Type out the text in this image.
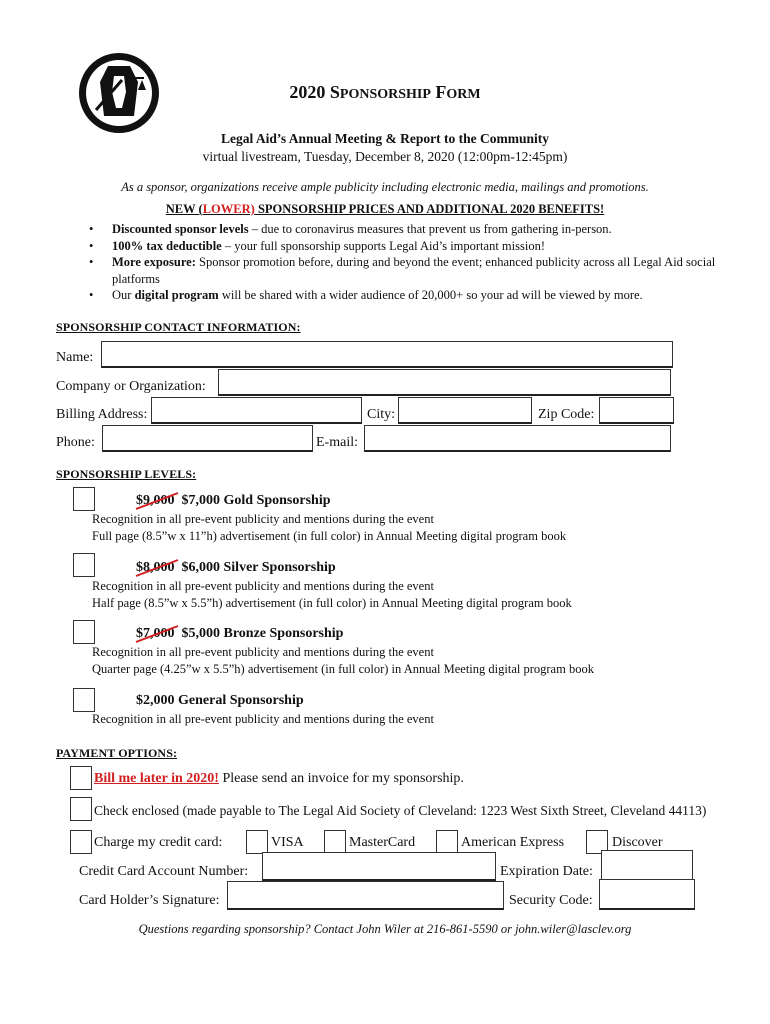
2020 SPONSORSHIP FORM
Legal Aid’s Annual Meeting & Report to the Community
virtual livestream, Tuesday, December 8, 2020 (12:00pm-12:45pm)
As a sponsor, organizations receive ample publicity including electronic media, mailings and promotions.
NEW (LOWER) SPONSORSHIP PRICES AND ADDITIONAL 2020 BENEFITS!
• Discounted sponsor levels – due to coronavirus measures that prevent us from gathering in-person.
• 100% tax deductible – your full sponsorship supports Legal Aid’s important mission!
• More exposure: Sponsor promotion before, during and beyond the event; enhanced publicity across all Legal Aid social platforms
• Our digital program will be shared with a wider audience of 20,000+ so your ad will be viewed by more.
SPONSORSHIP CONTACT INFORMATION:
Name:
Company or Organization:
Billing Address:	City:	Zip Code:
Phone:	E-mail:
SPONSORSHIP LEVELS:
$9,000 $7,000 Gold Sponsorship
Recognition in all pre-event publicity and mentions during the event
Full page (8.5”w x 11”h) advertisement (in full color) in Annual Meeting digital program book
$8,000 $6,000 Silver Sponsorship
Recognition in all pre-event publicity and mentions during the event
Half page (8.5”w x 5.5”h) advertisement (in full color) in Annual Meeting digital program book
$7,000 $5,000 Bronze Sponsorship
Recognition in all pre-event publicity and mentions during the event
Quarter page (4.25”w x 5.5”h) advertisement (in full color) in Annual Meeting digital program book
$2,000 General Sponsorship
Recognition in all pre-event publicity and mentions during the event
PAYMENT OPTIONS:
Bill me later in 2020! Please send an invoice for my sponsorship.
Check enclosed (made payable to The Legal Aid Society of Cleveland: 1223 West Sixth Street, Cleveland 44113)
Charge my credit card:	VISA	MasterCard	American Express	Discover
Credit Card Account Number:	Expiration Date:
Card Holder’s Signature:	Security Code:
Questions regarding sponsorship? Contact John Wiler at 216-861-5590 or john.wiler@lasclev.org
